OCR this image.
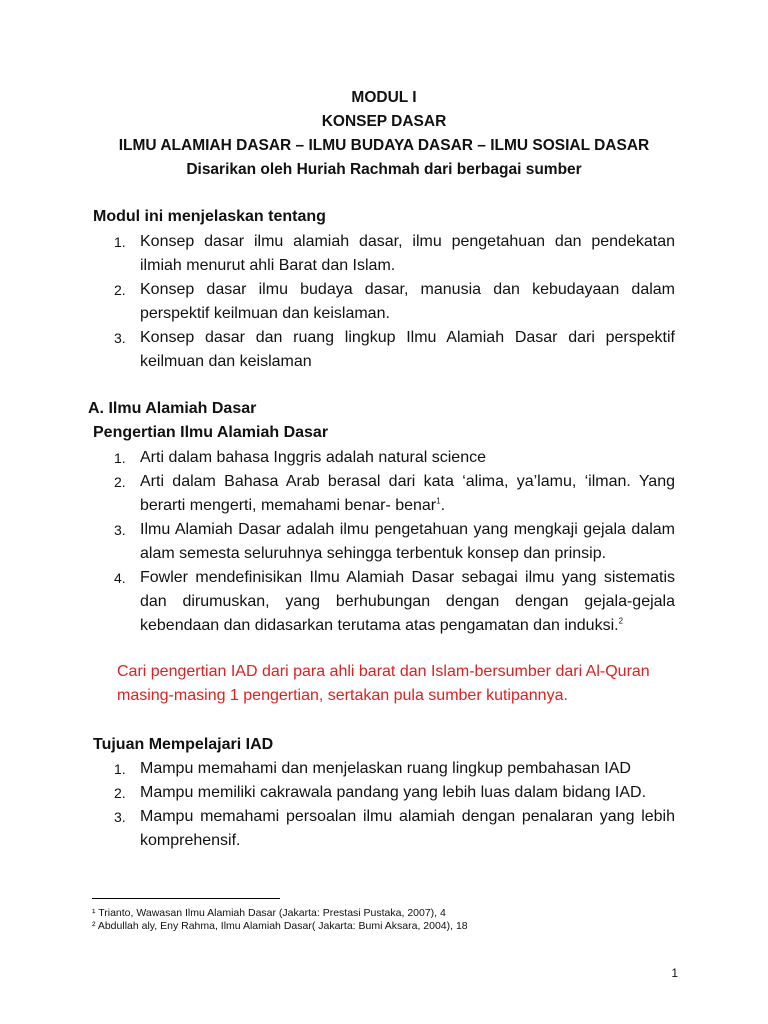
MODUL I
KONSEP DASAR
ILMU ALAMIAH DASAR – ILMU BUDAYA DASAR – ILMU SOSIAL DASAR
Disarikan oleh Huriah Rachmah dari berbagai sumber
Modul ini menjelaskan tentang
1. Konsep dasar ilmu alamiah dasar, ilmu pengetahuan dan pendekatan ilmiah menurut ahli Barat dan Islam.
2. Konsep dasar ilmu budaya dasar, manusia dan kebudayaan dalam perspektif keilmuan dan keislaman.
3. Konsep dasar dan ruang lingkup Ilmu Alamiah Dasar dari perspektif keilmuan dan keislaman
A. Ilmu Alamiah Dasar
Pengertian Ilmu Alamiah Dasar
1. Arti dalam bahasa Inggris adalah natural science
2. Arti dalam Bahasa Arab berasal dari kata ‘alima, ya’lamu, ‘ilman. Yang berarti mengerti, memahami benar- benar$^1$.
3. Ilmu Alamiah Dasar adalah ilmu pengetahuan yang mengkaji gejala dalam alam semesta seluruhnya sehingga terbentuk konsep dan prinsip.
4. Fowler mendefinisikan Ilmu Alamiah Dasar sebagai ilmu yang sistematis dan dirumuskan, yang berhubungan dengan dengan gejala-gejala kebendaan dan didasarkan terutama atas pengamatan dan induksi.$^2$
Cari pengertian IAD dari para ahli barat dan Islam-bersumber dari Al-Quran masing-masing 1 pengertian, sertakan pula sumber kutipannya.
Tujuan Mempelajari IAD
1. Mampu memahami dan menjelaskan ruang lingkup pembahasan IAD
2. Mampu memiliki cakrawala pandang yang lebih luas dalam bidang IAD.
3. Mampu memahami persoalan ilmu alamiah dengan penalaran yang lebih komprehensif.
¹ Trianto, Wawasan Ilmu Alamiah Dasar (Jakarta: Prestasi Pustaka, 2007), 4
² Abdullah aly, Eny Rahma, Ilmu Alamiah Dasar( Jakarta: Bumi Aksara, 2004), 18
1
